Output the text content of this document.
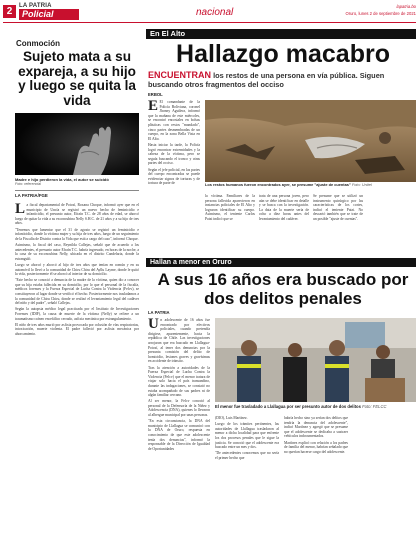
2	LA PATRIA
Policial	nacional
lapatria.bo
Oruro, lunes 2 de septiembre de 2021
Conmoción
Sujeto mata a su expareja, a su hijo y luego se quita la vida
Madre e hijo perdieron la vida, el autor se suicidó
Foto: referencial
LA PATRIA/FGE

La fiscal departamental de Potosí, Roxana Choque, informó ayer que en el municipio de Uncía se registró un nuevo hecho de feminicidio e infanticidio, el presunto autor, Efraín T.C. de 28 años de edad, se ahorcó luego de quitar la vida a su exconcubina Nelly S.H.C. de 21 años y a su hijo de tres años.

"Tenemos que lamentar que el 31 de agosto se registró un feminicidio e infanticidio, donde la víctima mujer y su hija de tres años, luego de un seguimiento de la Fiscalía de Distrito contra la Vida que está a cargo del caso", informó Choque.

Asimismo, la fiscal del caso, Reynilda Callejas, señaló que de acuerdo a los antecedentes, el presunto autor Efraín T.C. habría ingresado, en horas de la noche, a la casa de su exconcubina Nelly, ubicada en el distrito Candelaria, donde la estranguló.

Luego se ahorcó y ahorcó al hijo de tres años que tenían en común y en su automóvil lo llevó a la comunidad de Chiru Chiru del Ayllu Layme, donde le quitó la vida, posteriormente él se ahorcó al interior de su domicilio.

"Este hecho se conoció a denuncia de la madre de la víctima, quien dio a conocer que su hija estaba fallecida en su domicilio, por lo que el personal de la fiscalía, médicos forenses y la Fuerza Especial de Lucha Contra la Violencia (Felcv), se constituyeron al lugar donde se verificó el hecho. Posteriormente nos trasladamos a la comunidad de Chiru Chiru, donde se realizó el levantamiento legal del cadáver del niño y del padre", señaló Callejas.

Según la autopsia médico legal practicada por el Instituto de Investigaciones Forenses (IDIF), la causa de muerte de la víctima (Nelly) se refiere a un traumatismo cráneo encefálico cerrado, asfixia mecánica por estrangulamiento.

El niño de tres años murió por asfixia provocada por oclusión de vías respiratorias, intoxicación, muerte violenta. El padre falleció por asfixia mecánica por ahorcamiento.

En El Alto
Hallazgo macabro
ENCUENTRAN los restos de una persona en vía pública. Siguen buscando otros fragmentos del occiso
ERBOL

E El comandante de la Policía Boliviana, coronel Jhonny Aguilera, informó que la mañana de este miércoles, se encontró encostales en bolsas plásticas con restos "mandado", cinco partes desmembradas de un cuerpo, en la zona Bella Vista en El Alto.

Hasta iniciar la tarde, la Policía logró encontrar extremidades y la cabeza de la víctima, pero se seguía buscando el tronco y otras partes del occiso.

Según el jefe policial, en las partes del cuerpo encontradas se puede evidenciar signos de torturas y de tortura de parte de	Los restos humanos fueron encontrados ayer, se presume "ajuste de cuentas" Foto: Unitel
la víctima. Familiares de la persona fallecida aparecieron en instancias policiales de El Alto y lograron identificar su cuerpo. Asimismo, el teniente Carlos Patzi indicó que se
trata de una persona joven, pero aún se debe identificar en detalle y se busca con la investigación. La data de la muerte sería de ocho a diez horas antes del levantamiento del cadáver.
Se presume que se utilizó un instrumento quirúrgico por las características de los cortes, indicó el teniente Patzi. No descartó también que se trate de un posible "ajuste de cuentas".
Hallan a menor en Oruro
A sus 16 años era buscado por dos delitos penales
LA PATRIA

Un adolescente de 16 años fue encontrado por efectivos policiales, cuando pretendía dirigirse, aparentemente, hacia la república de Chile. Las investigaciones arrojaron que era buscado en Llallagua-Potosí, al tener dos denuncias por la presunta comisión del delito de homicidio, lesiones graves y gravísimas en accidente de tránsito.

Tras la atención a autoridades de la Fuerza Especial de Lucha Contra la Violencia (Felcv) que el menor tratara de viajar solo hacia el país transandino, durante las indagaciones, se constató no estaba acompañado de sus padres ni de algún familiar cercano.

Al ser menor, la Felcv conoció al personal de la Defensoría de la Niñez y Adolescencia (DNA), quienes lo llevaron al albergue municipal por unas personas.

"En esta circunstancia, la DNA del municipio de Llallagua se comunicó con la DNA de Oruro, respuesta en conocimiento de que este adolescente tenía dos denuncias", informó la responsable de la Dirección de Igualdad de Oportunidades

El menor fue trasladado a Llallagua por ser presunto autor de dos delitos Foto: FELCC

(DIO), Luis Martínez.

Luego de los trámites pertinentes, las autoridades de Llallagua trasladaron al menor a dicha localidad para que enfrente los dos procesos penales que le sigue la justicia. Se conoció que el adolescente era buscado entre un mes y dos.

"De antecedentes conocemos que no sería el primer hecho que

habría hecho sino ya serían dos delitos que tendría la denuncia del adolescente", indicó Martínez y agregó que se presume que el adolescente se dedicaba a sustraer vehículos indocumentados.

Martínez explicó con relación a los padres de familia del menor, habrían señalado que no querían hacerse cargo del adolescente.
